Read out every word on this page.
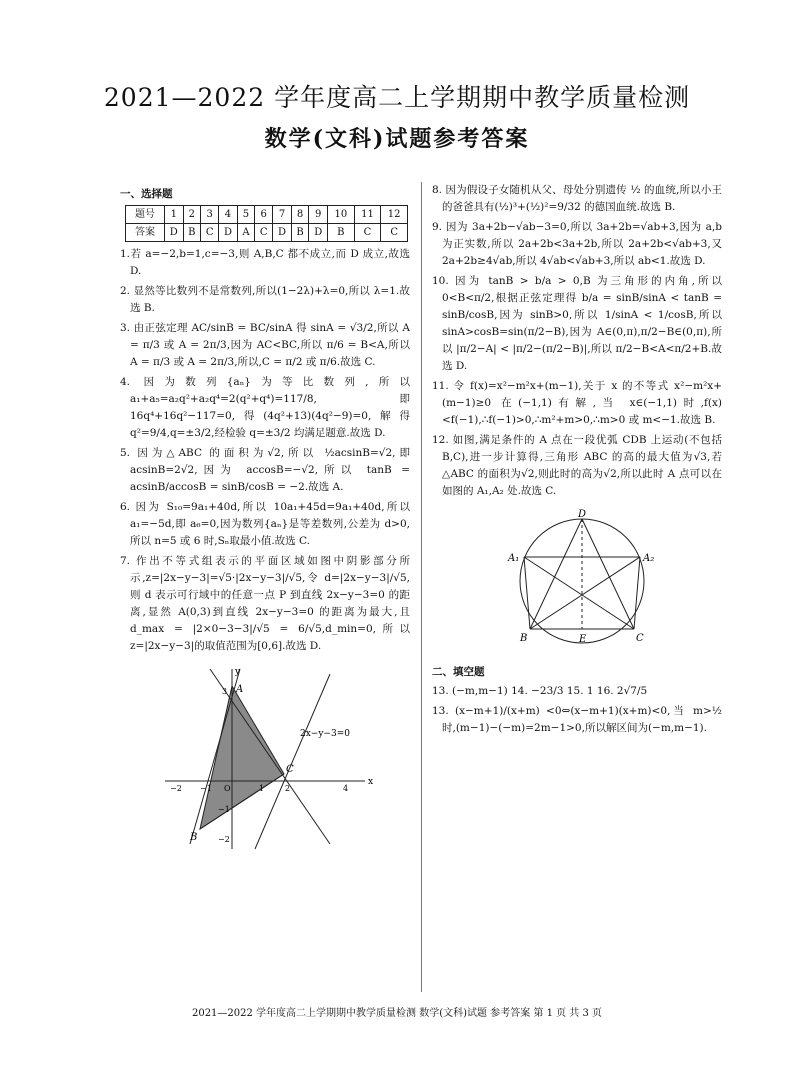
2021—2022 学年度高二上学期期中教学质量检测
数学(文科)试题参考答案
一、选择题
题号	1	2	3	4	5	6	7	8	9	10	11	12
答案	D	B	C	D	A	C	D	B	D	B	C	C
1.若 a=−2,b=1,c=−3,则 A,B,C 都不成立,而 D 成立,故选 D.
2. 显然等比数列不是常数列,所以(1−2λ)+λ=0,所以 λ=1.故选 B.
3. 由正弦定理 AC/sinB = BC/sinA 得 sinA = √3/2,所以 A = π/3 或 A = 2π/3,因为 AC<BC,所以 π/6 = B<A,所以 A = π/3 或 A = 2π/3,所以,C = π/2 或 π/6.故选 C.
4. 因为数列{aₙ}为等比数列,所以 a₁+a₅=a₂q²+a₂q⁴=2(q²+q⁴)=117/8,即 16q⁴+16q²−117=0,得(4q²+13)(4q²−9)=0,解得 q²=9/4,q=±3/2,经检验 q=±3/2 均满足题意.故选 D.
5. 因为△ABC 的面积为√2,所以 ½acsinB=√2,即 acsinB=2√2,因为 accosB=−√2,所以 tanB = acsinB/accosB = sinB/cosB = −2.故选 A.
6. 因为 S₁₀=9a₁+40d,所以 10a₁+45d=9a₁+40d,所以 a₁=−5d,即 a₆=0,因为数列{aₙ}是等差数列,公差为 d>0,所以 n=5 或 6 时,Sₙ取最小值.故选 C.
7. 作出不等式组表示的平面区域如图中阴影部分所示,z=|2x−y−3|=√5·|2x−y−3|/√5,令 d=|2x−y−3|/√5,则 d 表示可行域中的任意一点 P 到直线 2x−y−3=0 的距离,显然 A(0,3)到直线 2x−y−3=0 的距离为最大,且 d_max = |2×0−3−3|/√5 = 6/√5,d_min=0,所以 z=|2x−y−3|的取值范围为[0,6].故选 D.
x
y
O
A
B
C
2x−y−3=0
−2 −1	1	2	4
−1
−2
3
8. 因为假设子女随机从父、母处分别遗传 ½ 的血统,所以小王的爸爸具有(½)³+(½)²=9/32 的德国血统.故选 B.
9. 因为 3a+2b−√ab−3=0,所以 3a+2b=√ab+3,因为 a,b 为正实数,所以 2a+2b<3a+2b,所以 2a+2b<√ab+3,又 2a+2b≥4√ab,所以 4√ab<√ab+3,所以 ab<1.故选 D.
10. 因为 tanB > b/a > 0,B 为三角形的内角,所以 0<B<π/2,根据正弦定理得 b/a = sinB/sinA < tanB = sinB/cosB,因为 sinB>0,所以 1/sinA < 1/cosB,所以 sinA>cosB=sin(π/2−B),因为 A∈(0,π),π/2−B∈(0,π),所以 |π/2−A| < |π/2−(π/2−B)|,所以 π/2−B<A<π/2+B.故选 D.
11. 令 f(x)=x²−m²x+(m−1),关于 x 的不等式 x²−m²x+(m−1)≥0 在(−1,1)有解,当 x∈(−1,1)时,f(x)<f(−1),∴f(−1)>0,∴m²+m>0,∴m>0 或 m<−1.故选 B.
12. 如图,满足条件的 A 点在一段优弧 CDB 上运动(不包括 B,C),进一步计算得,三角形 ABC 的高的最大值为√3,若△ABC 的面积为√2,则此时的高为√2,所以此时 A 点可以在如图的 A₁,A₂ 处.故选 C.
D
A₁	A₂
B	C
E
二、填空题
13. (−m,m−1) 14. −23/3 15. 1 16. 2√7/5
13. (x−m+1)/(x+m) <0⇔(x−m+1)(x+m)<0,当 m>½ 时,(m−1)−(−m)=2m−1>0,所以解区间为(−m,m−1).
2021—2022 学年度高二上学期期中教学质量检测 数学(文科)试题 参考答案 第 1 页 共 3 页
